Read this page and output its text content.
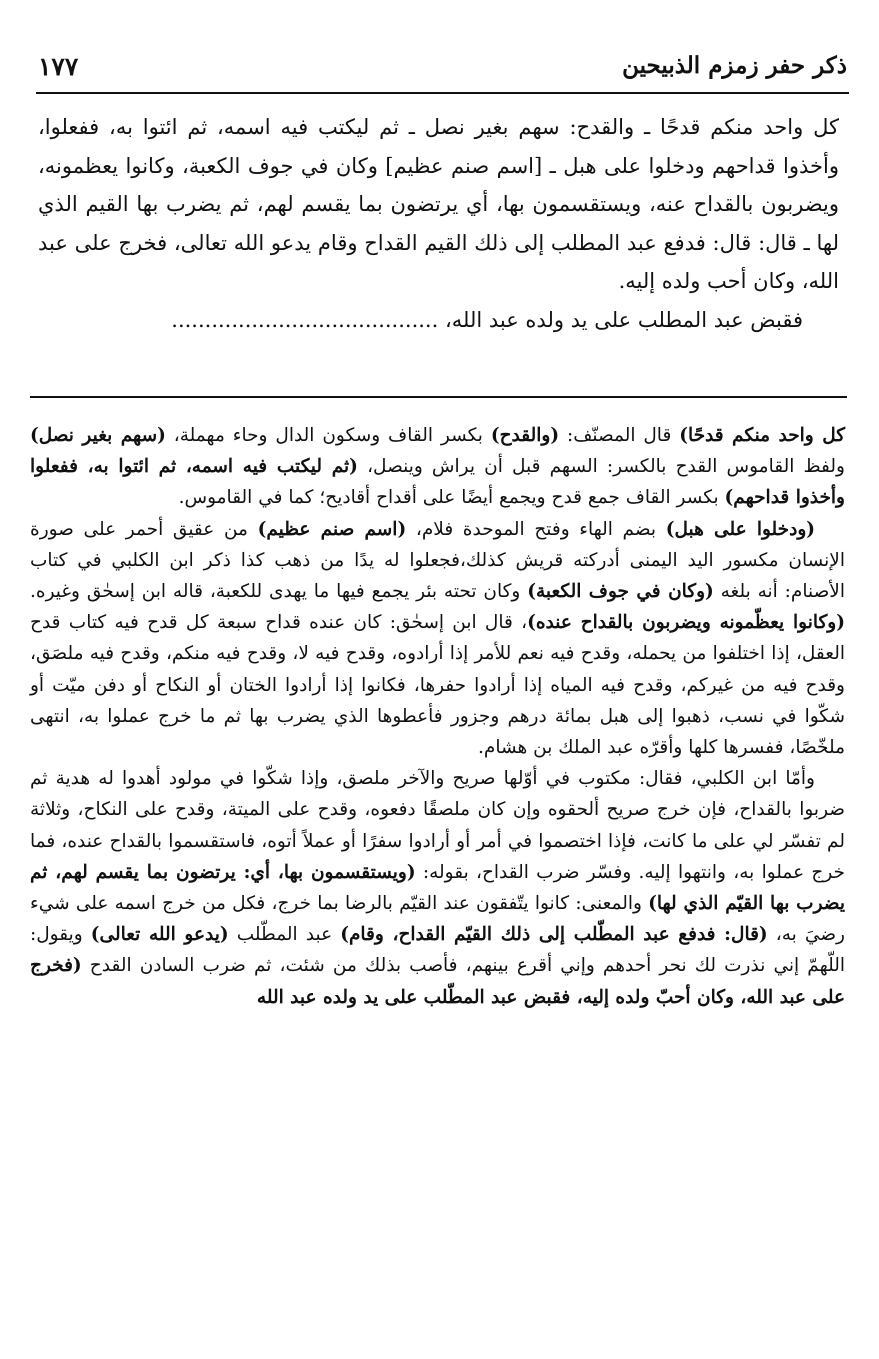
ذكر حفر زمزم الذبيحين
١٧٧

كل واحد منكم قدحًا ـ والقدح: سهم بغير نصل ـ ثم ليكتب فيه اسمه، ثم ائتوا به، ففعلوا، وأخذوا قداحهم ودخلوا على هبل ـ [اسم صنم عظيم] وكان في جوف الكعبة، وكانوا يعظمونه، ويضربون بالقداح عنه، ويستقسمون بها، أي يرتضون بما يقسم لهم، ثم يضرب بها القيم الذي لها ـ قال: قال: فدفع عبد المطلب إلى ذلك القيم القداح وقام يدعو الله تعالى، فخرج على عبد الله، وكان أحب ولده إليه.

فقبض عبد المطلب على يد ولده عبد الله، ........................................

كل واحد منكم قدحًا) قال المصنّف: (والقدح) بكسر القاف وسكون الدال وحاء مهملة، (سهم بغير نصل) ولفظ القاموس القدح بالكسر: السهم قبل أن يراش وينصل، (ثم ليكتب فيه اسمه، ثم ائتوا به، ففعلوا وأخذوا قداحهم) بكسر القاف جمع قدح ويجمع أيضًا على أقداح أقاديح؛ كما في القاموس.

(ودخلوا على هبل) بضم الهاء وفتح الموحدة فلام، (اسم صنم عظيم) من عقيق أحمر على صورة الإنسان مكسور اليد اليمنى أدركته قريش كذلك،فجعلوا له يدًا من ذهب كذا ذكر ابن الكلبي في كتاب الأصنام: أنه بلغه (وكان في جوف الكعبة) وكان تحته بئر يجمع فيها ما يهدى للكعبة، قاله ابن إسحٰق وغيره. (وكانوا يعظّمونه ويضربون بالقداح عنده)، قال ابن إسحٰق: كان عنده قداح سبعة كل قدح فيه كتاب قدح العقل، إذا اختلفوا من يحمله، وقدح فيه نعم للأمر إذا أرادوه، وقدح فيه لا، وقدح فيه منكم، وقدح فيه ملصَق، وقدح فيه من غيركم، وقدح فيه المياه إذا أرادوا حفرها، فكانوا إذا أرادوا الختان أو النكاح أو دفن ميّت أو شكّوا في نسب، ذهبوا إلى هبل بمائة درهم وجزور فأعطوها الذي يضرب بها ثم ما خرج عملوا به، انتهى ملخّصًا، ففسرها كلها وأقرّه عبد الملك بن هشام.

وأمّا ابن الكلبي، فقال: مكتوب في أوّلها صريح والآخر ملصق، وإذا شكّوا في مولود أهدوا له هدية ثم ضربوا بالقداح، فإن خرج صريح ألحقوه وإن كان ملصقًا دفعوه، وقدح على الميتة، وقدح على النكاح، وثلاثة لم تفسّر لي على ما كانت، فإذا اختصموا في أمر أو أرادوا سفرًا أو عملاً أتوه، فاستقسموا بالقداح عنده، فما خرج عملوا به، وانتهوا إليه. وفسّر ضرب القداح، بقوله: (ويستقسمون بها، أي: يرتضون بما يقسم لهم، ثم يضرب بها القيّم الذي لها) والمعنى: كانوا يتّفقون عند القيّم بالرضا بما خرج، فكل من خرج اسمه على شيء رضيَ به، (قال: فدفع عبد المطّلب إلى ذلك القيّم القداح، وقام) عبد المطّلب (يدعو الله تعالى) ويقول: اللّهمّ إني نذرت لك نحر أحدهم وإني أقرع بينهم، فأصب بذلك من شئت، ثم ضرب السادن القدح (فخرج على عبد الله، وكان أحبّ ولده إليه، فقبض عبد المطّلب على يد ولده عبد الله
